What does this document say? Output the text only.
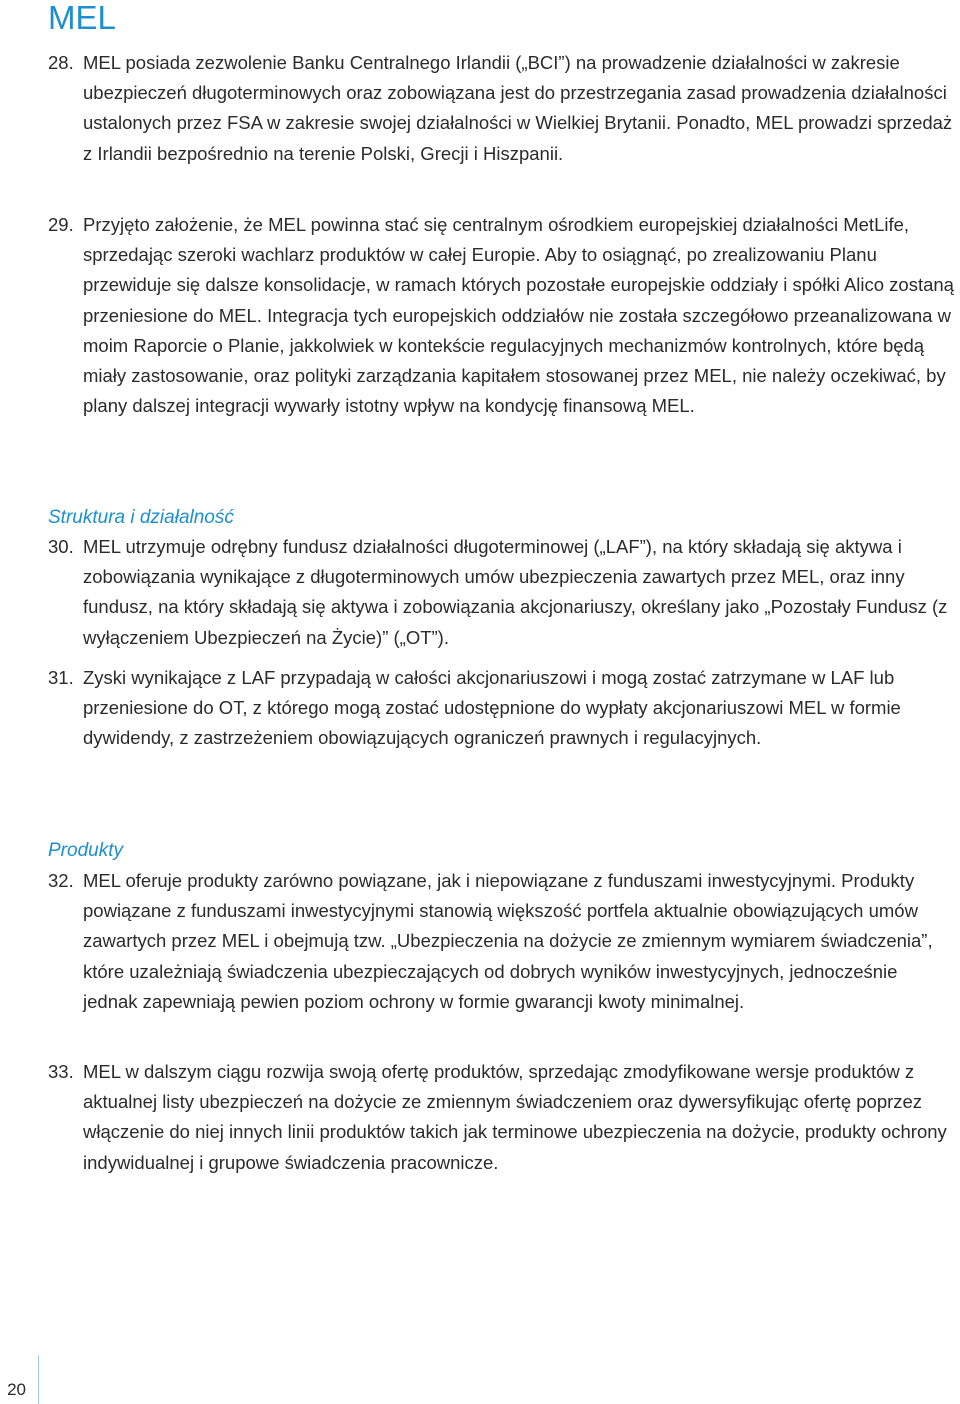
MEL

28. MEL posiada zezwolenie Banku Centralnego Irlandii („BCI”) na prowadzenie działalności w zakresie ubezpieczeń długoterminowych oraz zobowiązana jest do przestrzegania zasad prowadzenia działalności ustalonych przez FSA w zakresie swojej działalności w Wielkiej Brytanii. Ponadto, MEL prowadzi sprzedaż z Irlandii bezpośrednio na terenie Polski, Grecji i Hiszpanii.

29. Przyjęto założenie, że MEL powinna stać się centralnym ośrodkiem europejskiej działalności MetLife, sprzedając szeroki wachlarz produktów w całej Europie. Aby to osiągnąć, po zrealizowaniu Planu przewiduje się dalsze konsolidacje, w ramach których pozostałe europejskie oddziały i spółki Alico zostaną przeniesione do MEL. Integracja tych europejskich oddziałów nie została szczegółowo przeanalizowana w moim Raporcie o Planie, jakkolwiek w kontekście regulacyjnych mechanizmów kontrolnych, które będą miały zastosowanie, oraz polityki zarządzania kapitałem stosowanej przez MEL, nie należy oczekiwać, by plany dalszej integracji wywarły istotny wpływ na kondycję finansową MEL.

Struktura i działalność

30. MEL utrzymuje odrębny fundusz działalności długoterminowej („LAF”), na który składają się aktywa i zobowiązania wynikające z długoterminowych umów ubezpieczenia zawartych przez MEL, oraz inny fundusz, na który składają się aktywa i zobowiązania akcjonariuszy, określany jako „Pozostały Fundusz (z wyłączeniem Ubezpieczeń na Życie)” („OT”).

31. Zyski wynikające z LAF przypadają w całości akcjonariuszowi i mogą zostać zatrzymane w LAF lub przeniesione do OT, z którego mogą zostać udostępnione do wypłaty akcjonariuszowi MEL w formie dywidendy, z zastrzeżeniem obowiązujących ograniczeń prawnych i regulacyjnych.

Produkty

32. MEL oferuje produkty zarówno powiązane, jak i niepowiązane z funduszami inwestycyjnymi. Produkty powiązane z funduszami inwestycyjnymi stanowią większość portfela aktualnie obowiązujących umów zawartych przez MEL i obejmują tzw. „Ubezpieczenia na dożycie ze zmiennym wymiarem świadczenia”, które uzależniają świadczenia ubezpieczających od dobrych wyników inwestycyjnych, jednocześnie jednak zapewniają pewien poziom ochrony w formie gwarancji kwoty minimalnej.

33. MEL w dalszym ciągu rozwija swoją ofertę produktów, sprzedając zmodyfikowane wersje produktów z aktualnej listy ubezpieczeń na dożycie ze zmiennym świadczeniem oraz dywersyfikując ofertę poprzez włączenie do niej innych linii produktów takich jak terminowe ubezpieczenia na dożycie, produkty ochrony indywidualnej i grupowe świadczenia pracownicze.

20
